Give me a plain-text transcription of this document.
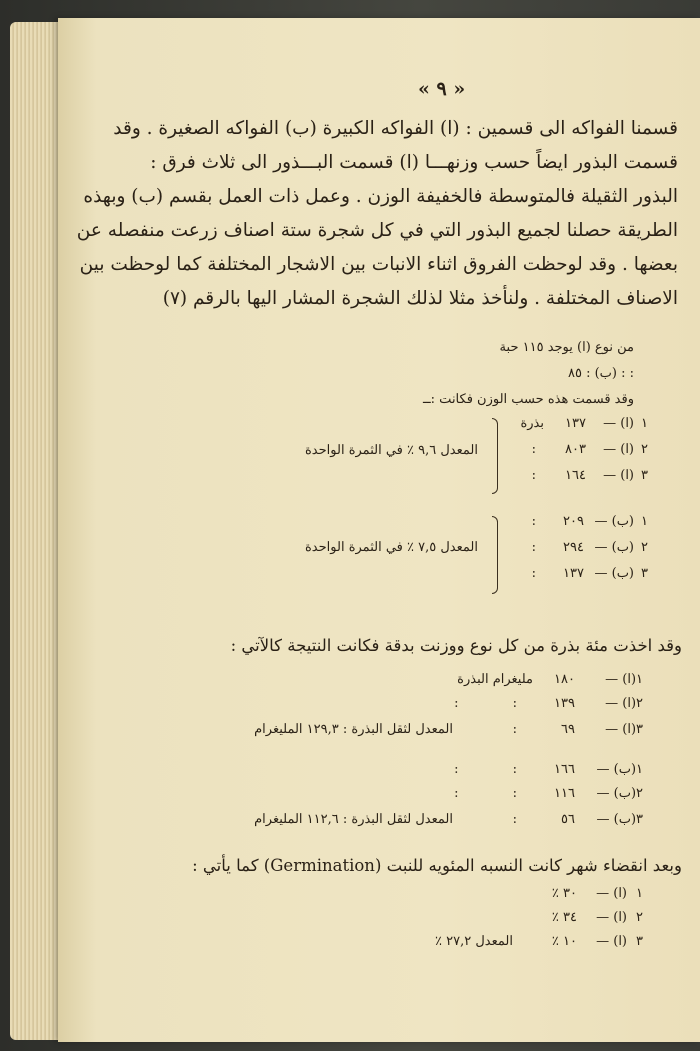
« ٩ »
قسمنا الفواكه الى قسمين : (ا) الفواكه الكبيرة (ب) الفواكه الصغيرة . وقد
قسمت البذور ايضاً حسب وزنهـــا (ا) قسمت البـــذور الى ثلاث فرق :
البذور الثقيلة فالمتوسطة فالخفيفة الوزن . وعمل ذات العمل بقسم (ب) وبهذه
الطريقة حصلنا لجميع البذور التي في كل شجرة ستة اصناف زرعت منفصله عن
بعضها . وقد لوحظت الفروق اثناء الانبات بين الاشجار المختلفة كما لوحظت بين
الاصناف المختلفة . ولنأخذ مثلا لذلك الشجرة المشار اليها بالرقم (٧)
من نوع (ا) يوجد ١١٥ حبة
: : (ب) : ٨٥
وقد قسمت هذه حسب الوزن فكانت :ــ
١
(ا) —
١٣٧
بذرة
٢
(ا) —
٨٠٣
:
٣
(ا) —
١٦٤
:
المعدل ٩,٦ ٪ في الثمرة الواحدة
١
(ب) —
٢٠٩
:
٢
(ب) —
٢٩٤
:
٣
(ب) —
١٣٧
:
المعدل ٧,٥ ٪ في الثمرة الواحدة
وقد اخذت مئة بذرة من كل نوع ووزنت بدقة فكانت النتيجة كالآتي :
١(ا) —
١٨٠
مليغرام البذرة
٢(ا) —
١٣٩
: :
٣(ا) —
٦٩
:
المعدل لثقل البذرة : ١٢٩,٣ المليغرام
١(ب) —
١٦٦
: :
٢(ب) —
١١٦
: :
٣(ب) —
٥٦
:
المعدل لثقل البذرة : ١١٢,٦ المليغرام
وبعد انقضاء شهر كانت النسبه المئويه للنبت (Germination) كما يأتي :
١
(ا) —
٣٠ ٪
٢
(ا) —
٣٤ ٪
٣
(ا) —
١٠ ٪
المعدل ٢٧,٢ ٪
